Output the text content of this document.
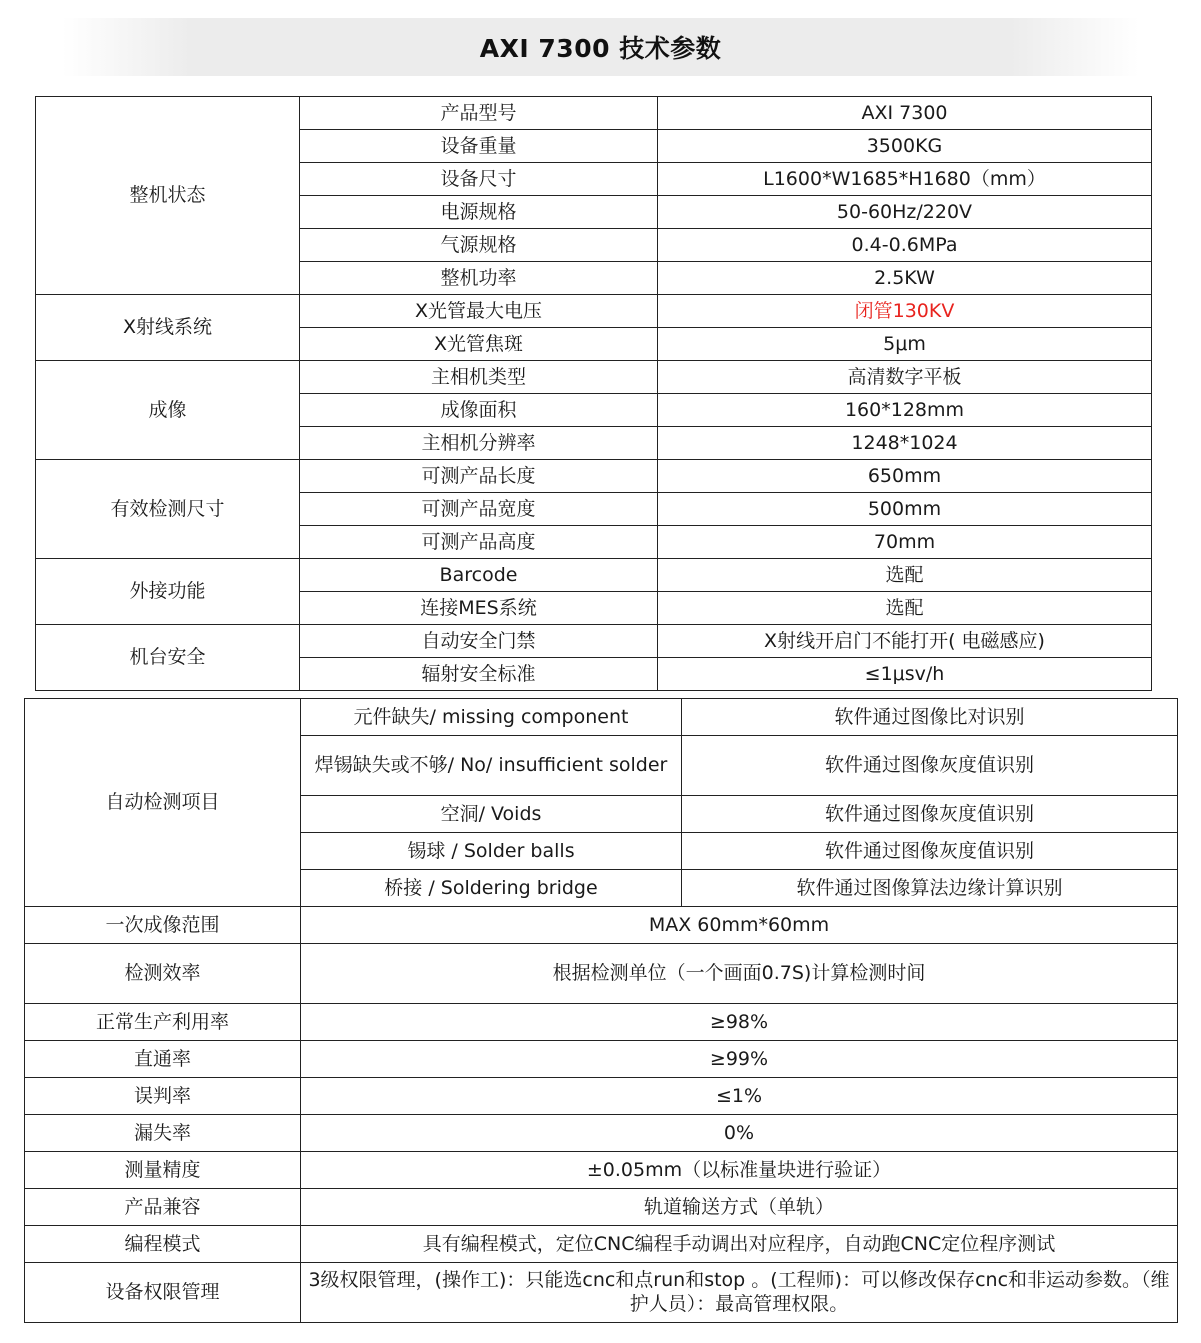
AXI 7300 技术参数
整机状态	产品型号	AXI 7300
	设备重量	3500KG
	设备尺寸	L1600*W1685*H1680（mm）
	电源规格	50-60Hz/220V
	气源规格	0.4-0.6MPa
	整机功率	2.5KW
X射线系统	X光管最大电压	闭管130KV
	X光管焦斑	5μm
成像	主相机类型	高清数字平板
	成像面积	160*128mm
	主相机分辨率	1248*1024
有效检测尺寸	可测产品长度	650mm
	可测产品宽度	500mm
	可测产品高度	70mm
外接功能	Barcode	选配
	连接MES系统	选配
机台安全	自动安全门禁	X射线开启门不能打开( 电磁感应)
	辐射安全标准	≤1μsv/h
自动检测项目	元件缺失/ missing component	软件通过图像比对识别
	焊锡缺失或不够/ No/ insufficient solder	软件通过图像灰度值识别
	空洞/ Voids	软件通过图像灰度值识别
	锡球 / Solder balls	软件通过图像灰度值识别
	桥接 / Soldering bridge	软件通过图像算法边缘计算识别
一次成像范围	MAX 60mm*60mm	
检测效率	根据检测单位（一个画面0.7S)计算检测时间	
正常生产利用率	≥98%	
直通率	≥99%	
误判率	≤1%	
漏失率	0%	
测量精度	±0.05mm（以标准量块进行验证）	
产品兼容	轨道输送方式（单轨）	
编程模式	具有编程模式，定位CNC编程手动调出对应程序，自动跑CNC定位程序测试	
设备权限管理	3级权限管理，(操作工)：只能选cnc和点run和stop 。(工程师)：可以修改保存cnc和非运动参数。（维护人员）：最高管理权限。	
